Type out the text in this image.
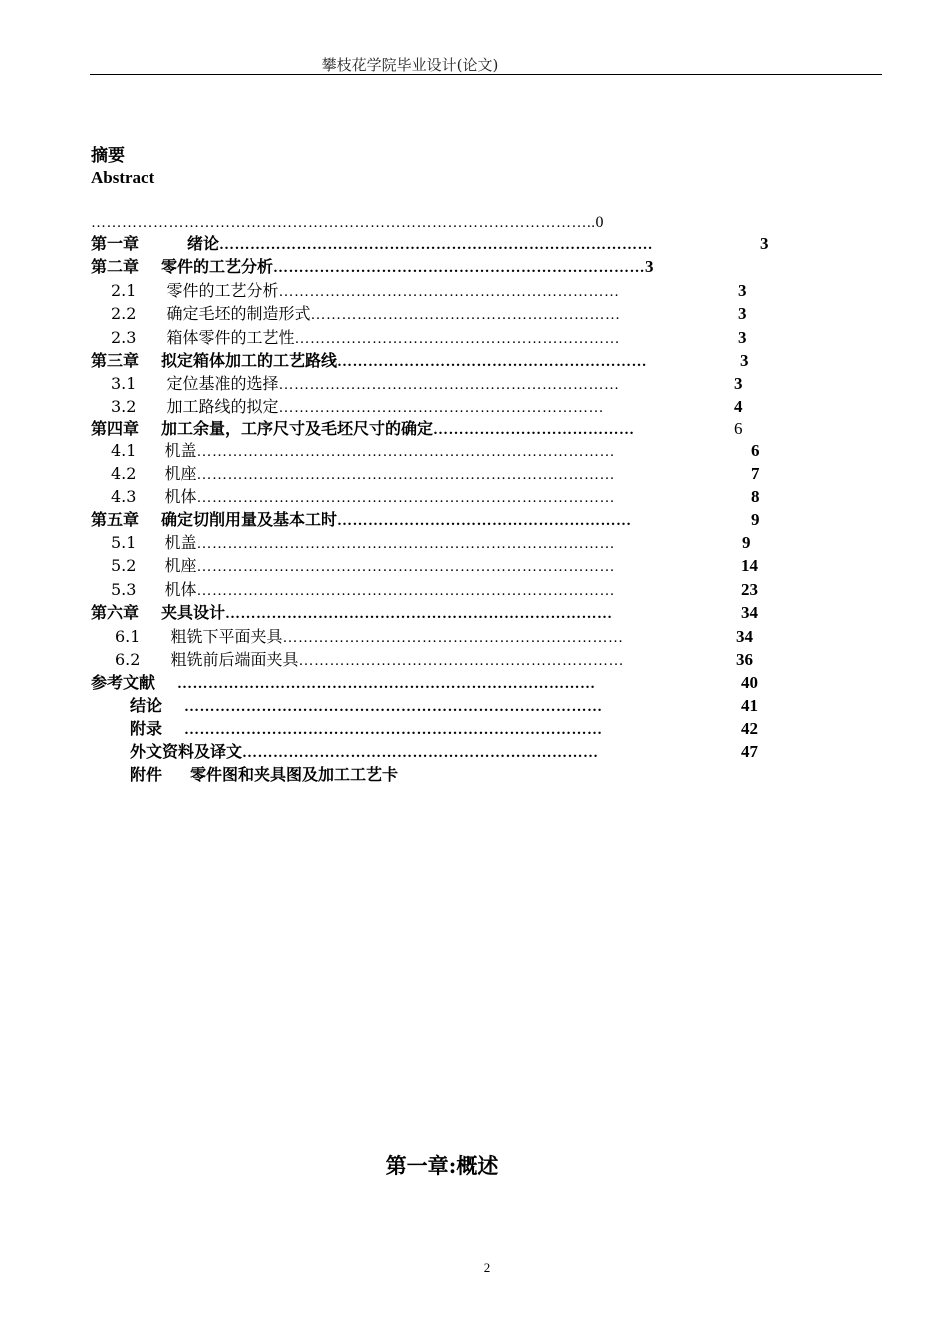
攀枝花学院毕业设计(论文)
摘要
Abstract
……………………………………………………………………………………..0
第一章	绪论…………………………………………………………………………	3
第二章 零件的工艺分析………………………………………………………………3
2.1 零件的工艺分析…………………………………………………………	3
2.2 确定毛坯的制造形式……………………………………………………	3
2.3 箱体零件的工艺性………………………………………………………	3
第三章 拟定箱体加工的工艺路线……………………………………………………	3
3.1 定位基准的选择…………………………………………………………	3
3.2 加工路线的拟定………………………………………………………	4
第四章 加工余量，工序尺寸及毛坯尺寸的确定…………………………………	6
4.1 机盖………………………………………………………………………	6
4.2 机座………………………………………………………………………	7
4.3 机体………………………………………………………………………	8
第五章 确定切削用量及基本工时…………………………………………………	9
5.1 机盖………………………………………………………………………	9
5.2 机座………………………………………………………………………	14
5.3 机体………………………………………………………………………	23
第六章 夹具设计…………………………………………………………………	34
6.1 粗铣下平面夹具…………………………………………………………	34
6.2 粗铣前后端面夹具………………………………………………………	36
参考文献 ………………………………………………………………………	40
结论 ………………………………………………………………………	41
附录 ………………………………………………………………………	42
外文资料及译文……………………………………………………………	47
附件 零件图和夹具图及加工工艺卡
第一章:概述
2
